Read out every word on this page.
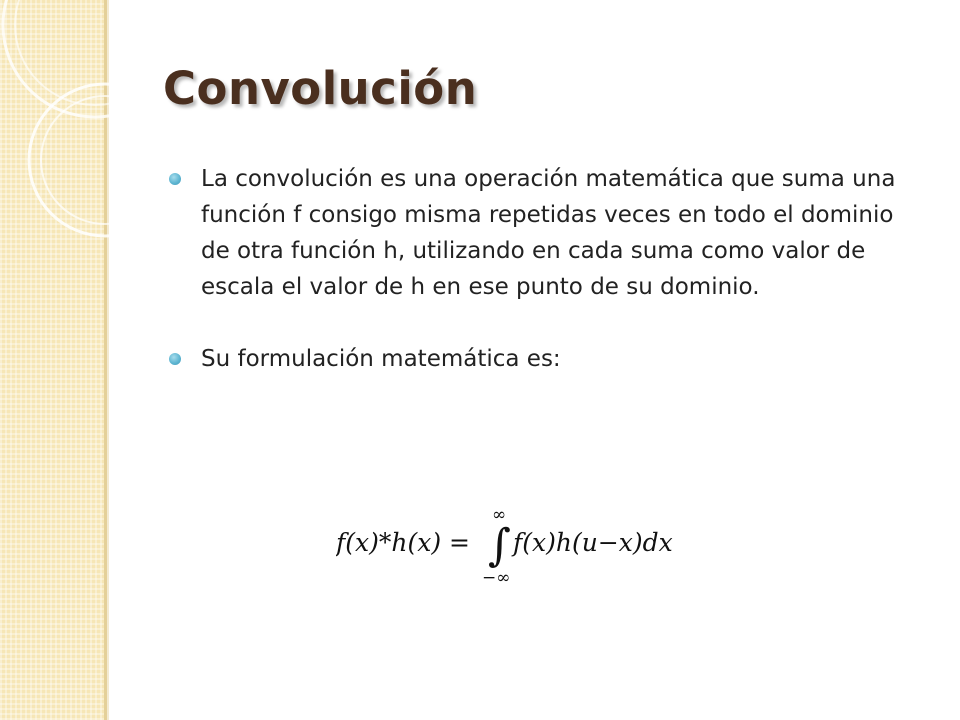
Convolución
La convolución es una operación matemática que suma una función f consigo misma repetidas veces en todo el dominio de otra función h, utilizando en cada suma como valor de escala el valor de h en ese punto de su dominio.
Su formulación matemática es:
f(x)*h(x) = ∫
∞
−∞
f(x)h(u−x)dx
